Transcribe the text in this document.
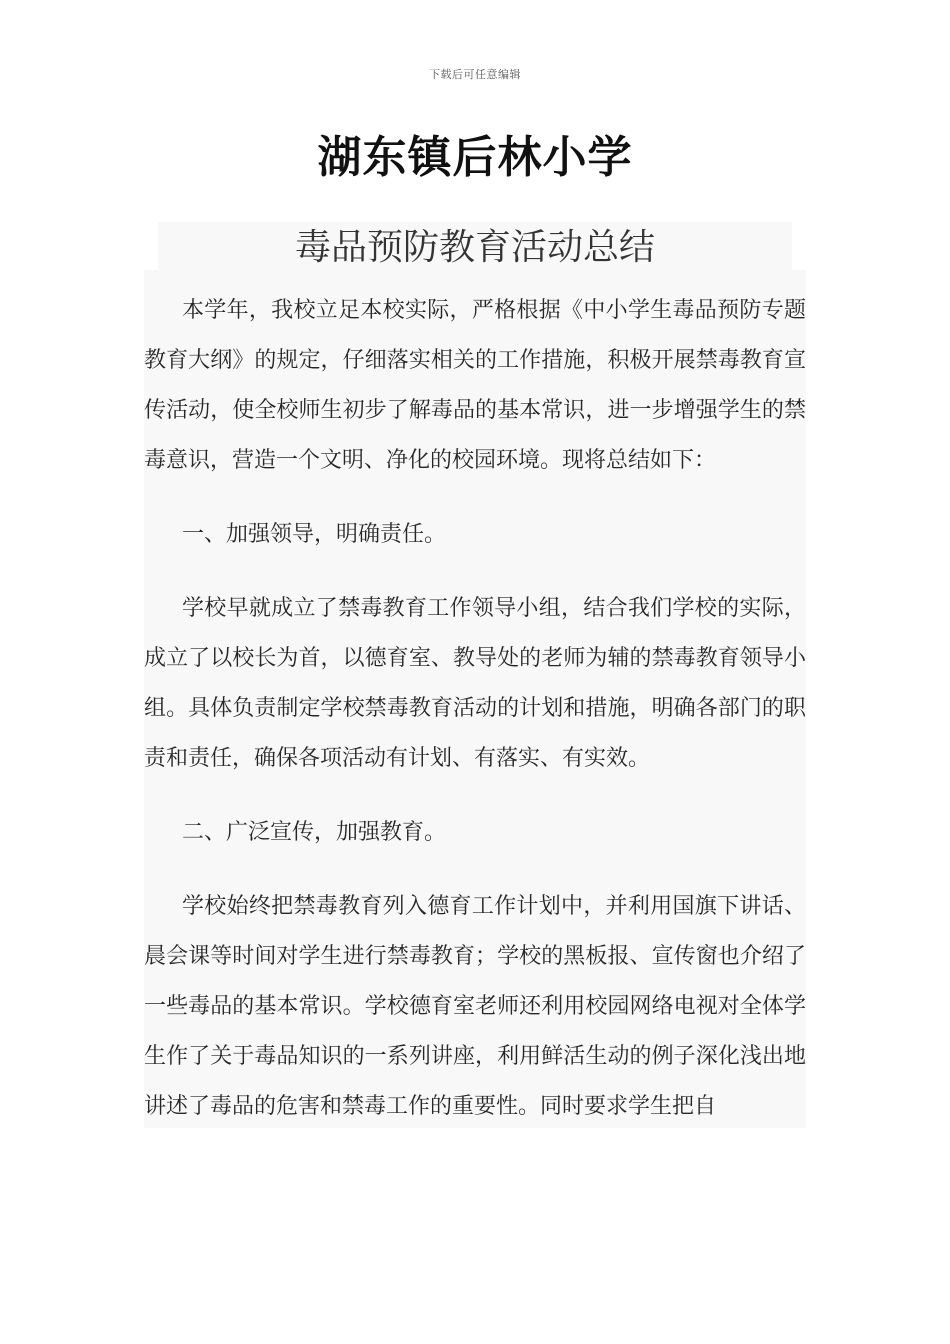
下载后可任意编辑
湖东镇后林小学
毒品预防教育活动总结

本学年，我校立足本校实际，严格根据《中小学生毒品预防专题教育大纲》的规定，仔细落实相关的工作措施，积极开展禁毒教育宣传活动，使全校师生初步了解毒品的基本常识，进一步增强学生的禁毒意识，营造一个文明、净化的校园环境。现将总结如下：

一、加强领导，明确责任。

学校早就成立了禁毒教育工作领导小组，结合我们学校的实际，成立了以校长为首，以德育室、教导处的老师为辅的禁毒教育领导小组。具体负责制定学校禁毒教育活动的计划和措施，明确各部门的职责和责任，确保各项活动有计划、有落实、有实效。

二、广泛宣传，加强教育。

学校始终把禁毒教育列入德育工作计划中，并利用国旗下讲话、晨会课等时间对学生进行禁毒教育；学校的黑板报、宣传窗也介绍了一些毒品的基本常识。学校德育室老师还利用校园网络电视对全体学生作了关于毒品知识的一系列讲座，利用鲜活生动的例子深化浅出地讲述了毒品的危害和禁毒工作的重要性。同时要求学生把自
